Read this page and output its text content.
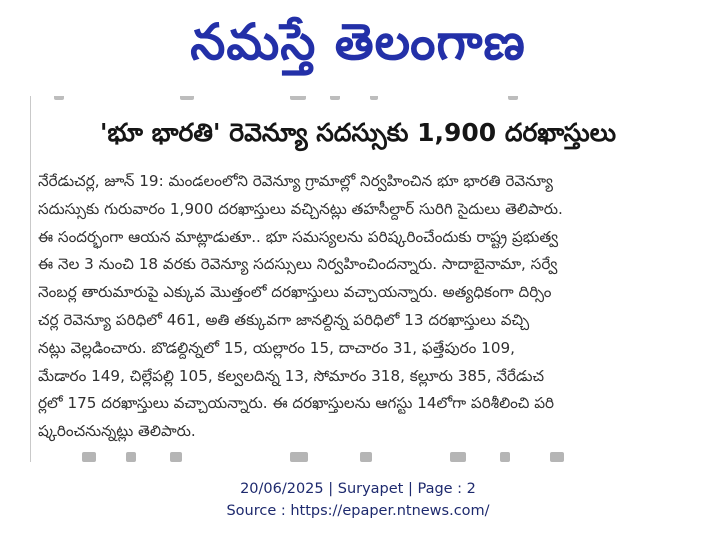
నమస్తే తెలంగాణ
'భూ భారతి' రెవెన్యూ సదస్సుకు 1,900 దరఖాస్తులు
నేరేడుచర్ల, జూన్ 19: మండలంలోని రెవెన్యూ గ్రామాల్లో నిర్వహించిన భూ భారతి రెవెన్యూ
సదుస్సుకు గురువారం 1,900 దరఖాస్తులు వచ్చినట్లు తహసీల్దార్ సురిగి సైదులు తెలిపారు.
ఈ సందర్భంగా ఆయన మాట్లాడుతూ.. భూ సమస్యలను పరిష్కరించేందుకు రాష్ట్ర ప్రభుత్వ
ఈ నెల 3 నుంచి 18 వరకు రెవెన్యూ సదస్సులు నిర్వహించిందన్నారు. సాదాబైనామా, సర్వే
నెంబర్ల తారుమారుపై ఎక్కువ మొత్తంలో దరఖాస్తులు వచ్చాయన్నారు. అత్యధికంగా దిర్సిం
చర్ల రెవెన్యూ పరిధిలో 461, అతి తక్కువగా జానల్దిన్న పరిధిలో 13 దరఖాస్తులు వచ్చి
నట్లు వెల్లడించారు. బొడల్దిన్నలో 15, యల్లారం 15, దాచారం 31, ఫత్తేపురం 109,
మేడారం 149, చిల్లేపల్లి 105, కల్వలదిన్న 13, సోమారం 318, కల్లూరు 385, నేరేడుచ
ర్లలో 175 దరఖాస్తులు వచ్చాయన్నారు. ఈ దరఖాస్తులను ఆగస్టు 14లోగా పరిశీలించి పరి
ష్కరించనున్నట్లు తెలిపారు.
20/06/2025 | Suryapet | Page : 2
Source : https://epaper.ntnews.com/
